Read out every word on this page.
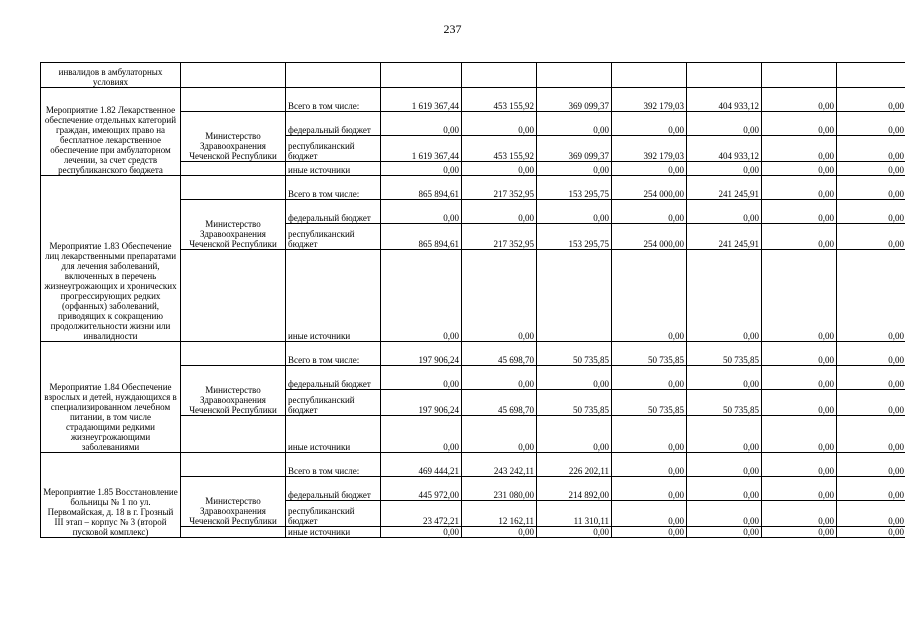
237
инвалидов в амбулаторных условиях									
Мероприятие 1.82 Лекарственное обеспечение отдельных категорий граждан, имеющих право на бесплатное лекарственное обеспечение при амбулаторном лечении, за счет средств республиканского бюджета		Всего в том числе:	1 619 367,44	453 155,92	369 099,37	392 179,03	404 933,12	0,00	0,00
	Министерство Здравоохранения Чеченской Республики	федеральный бюджет	0,00	0,00	0,00	0,00	0,00	0,00	0,00
		республиканский бюджет	1 619 367,44	453 155,92	369 099,37	392 179,03	404 933,12	0,00	0,00
		иные источники	0,00	0,00	0,00	0,00	0,00	0,00	0,00
Мероприятие 1.83 Обеспечение лиц лекарственными препаратами для лечения заболеваний, включенных в перечень жизнеугрожающих и хронических прогрессирующих редких (орфанных) заболеваний, приводящих к сокращению продолжительности жизни или инвалидности		Всего в том числе:	865 894,61	217 352,95	153 295,75	254 000,00	241 245,91	0,00	0,00
	Министерство Здравоохранения Чеченской Республики	федеральный бюджет	0,00	0,00	0,00	0,00	0,00	0,00	0,00
		республиканский бюджет	865 894,61	217 352,95	153 295,75	254 000,00	241 245,91	0,00	0,00
		иные источники	0,00	0,00		0,00	0,00	0,00	0,00
Мероприятие 1.84 Обеспечение взрослых и детей, нуждающихся в специализированном лечебном питании, в том числе страдающими редкими жизнеугрожающими заболеваниями		Всего в том числе:	197 906,24	45 698,70	50 735,85	50 735,85	50 735,85	0,00	0,00
	Министерство Здравоохранения Чеченской Республики	федеральный бюджет	0,00	0,00	0,00	0,00	0,00	0,00	0,00
		республиканский бюджет	197 906,24	45 698,70	50 735,85	50 735,85	50 735,85	0,00	0,00
		иные источники	0,00	0,00	0,00	0,00	0,00	0,00	0,00
Мероприятие 1.85 Восстановление больницы № 1 по ул. Первомайская, д. 18 в г. Грозный III этап – корпус № 3 (второй пусковой комплекс)		Всего в том числе:	469 444,21	243 242,11	226 202,11	0,00	0,00	0,00	0,00
	Министерство Здравоохранения Чеченской Республики	федеральный бюджет	445 972,00	231 080,00	214 892,00	0,00	0,00	0,00	0,00
		республиканский бюджет	23 472,21	12 162,11	11 310,11	0,00	0,00	0,00	0,00
		иные источники	0,00	0,00	0,00	0,00	0,00	0,00	0,00
